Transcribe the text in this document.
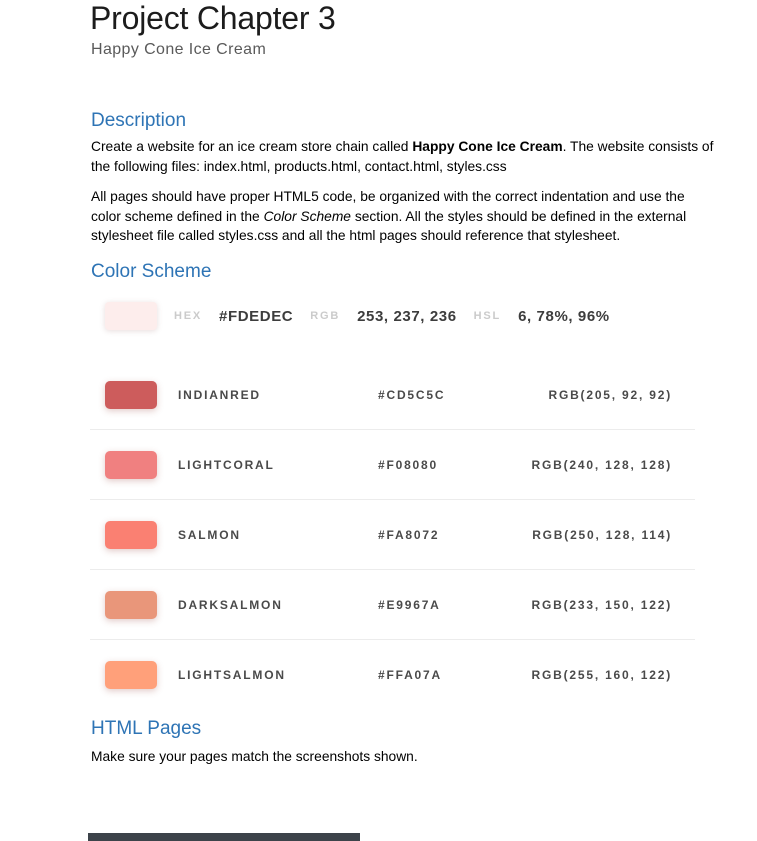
Project Chapter 3
Happy Cone Ice Cream
Description

Create a website for an ice cream store chain called Happy Cone Ice Cream. The website consists of the following files: index.html, products.html, contact.html, styles.css

All pages should have proper HTML5 code, be organized with the correct indentation and use the color scheme defined in the Color Scheme section. All the styles should be defined in the external stylesheet file called styles.css and all the html pages should reference that stylesheet.

Color Scheme
HEX #FDEDEC RGB 253, 237, 236 HSL 6, 78%, 96%
INDIANRED	#CD5C5C	RGB(205, 92, 92)
LIGHTCORAL	#F08080	RGB(240, 128, 128)
SALMON	#FA8072	RGB(250, 128, 114)
DARKSALMON	#E9967A	RGB(233, 150, 122)
LIGHTSALMON	#FFA07A	RGB(255, 160, 122)
HTML Pages

Make sure your pages match the screenshots shown.
